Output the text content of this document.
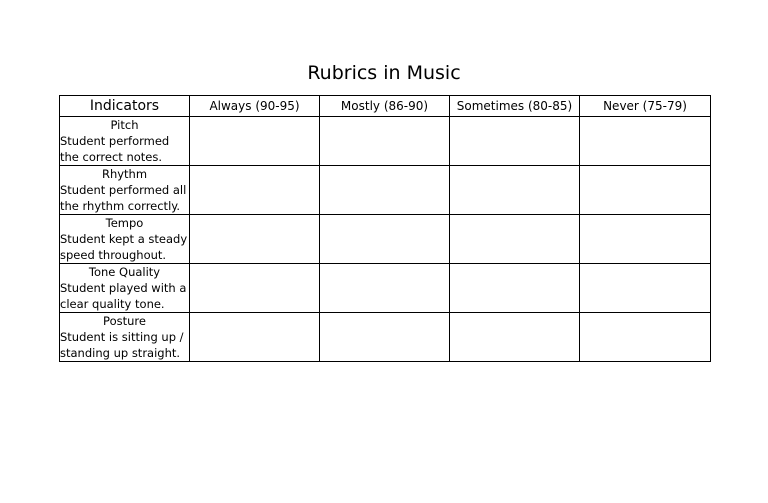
Rubrics in Music
Indicators	Always (90-95)	Mostly (86-90)	Sometimes (80-85)	Never (75-79)

Pitch
Student performed
the correct notes.				

Rhythm
Student performed all
the rhythm correctly.				

Tempo
Student kept a steady
speed throughout.				

Tone Quality
Student played with a
clear quality tone.				

Posture
Student is sitting up /
standing up straight.				
